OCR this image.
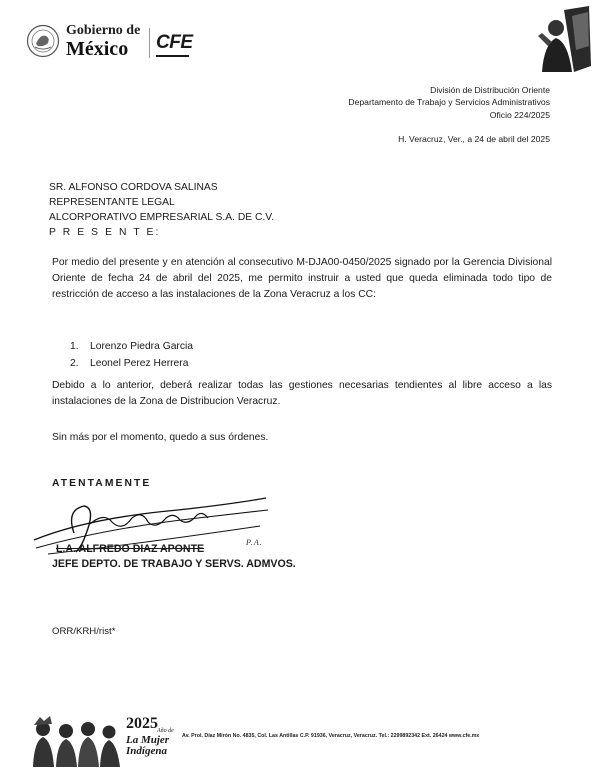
Gobierno de
México	CFE
División de Distribución Oriente
Departamento de Trabajo y Servicios Administrativos
Oficio 224/2025
H. Veracruz, Ver., a 24 de abril del 2025
SR. ALFONSO CORDOVA SALINAS
REPRESENTANTE LEGAL
ALCORPORATIVO EMPRESARIAL S.A. DE C.V.
P R E S E N T E:
Por medio del presente y en atención al consecutivo M-DJA00-0450/2025 signado por la Gerencia Divisional Oriente de fecha 24 de abril del 2025, me permito instruir a usted que queda eliminada todo tipo de restricción de acceso a las instalaciones de la Zona Veracruz a los CC:
1. Lorenzo Piedra Garcia
2. Leonel Perez Herrera
Debido a lo anterior, deberá realizar todas las gestiones necesarias tendientes al libre acceso a las instalaciones de la Zona de Distribucion Veracruz.
Sin más por el momento, quedo a sus órdenes.
ATENTAMENTE
L.A. ALFREDO DIAZ APONTE
P.A.
JEFE DEPTO. DE TRABAJO Y SERVS. ADMVOS.
ORR/KRH/rist*
2025 Año de
La Mujer
Indígena
Av. Prol. Díaz Mirón No. 4835, Col. Las Antillas C.P. 91936, Veracruz, Veracruz. Tel.: 2299892342 Ext. 26424 www.cfe.mx
